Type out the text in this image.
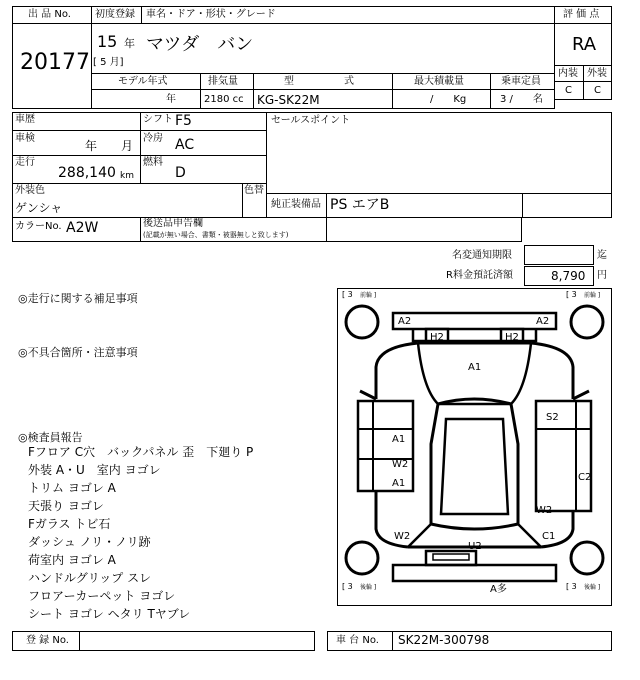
出 品 No.
20177
初度登録 車名・ドア・形状・グレード
15 年
[ 5 月]
マツダ　バン
評 価 点
RA
内装 外装
C C
モデル年式	排気量	型　　　　　式	最大積載量	乗車定員
年	2180 cc KG-SK22M	/　　Kg	3 /　　名
車歴	シフト F5
車検
年　　月
冷房 AC
走行
288,140 km
燃料
D
セールスポイント
外装色
ゲンシャ
色替
純正装備品 PS エアB
カラーNo. A2W	後送品申告欄
(記載が無い場合、書類・被器無しと致します)
名変通知期限	迄
R料金預託済額	8,790 円
◎走行に関する補足事項
◎不具合箇所・注意事項
◎検査員報告
Fフロア C穴　バックパネル 歪　下廻り P
外装 A・U　室内 ヨゴレ
トリム ヨゴレ A
天張り ヨゴレ
Fガラス トビ石
ダッシュ ノリ・ノリ跡
荷室内 ヨゴレ A
ハンドルグリップ スレ
フロアーカーペット ヨゴレ
シート ヨゴレ ヘタリ Tヤブレ
[ 3	[ 3
[ 3	[ 3
前輪 ]	前輪 ]
後輪 ]	後輪 ]
A2	A2
H2	H2
A1
S2
A1
W2
A1
C2
W2
W2
C1
U2
A多
登 録 No.	車 台 No. SK22M-300798
